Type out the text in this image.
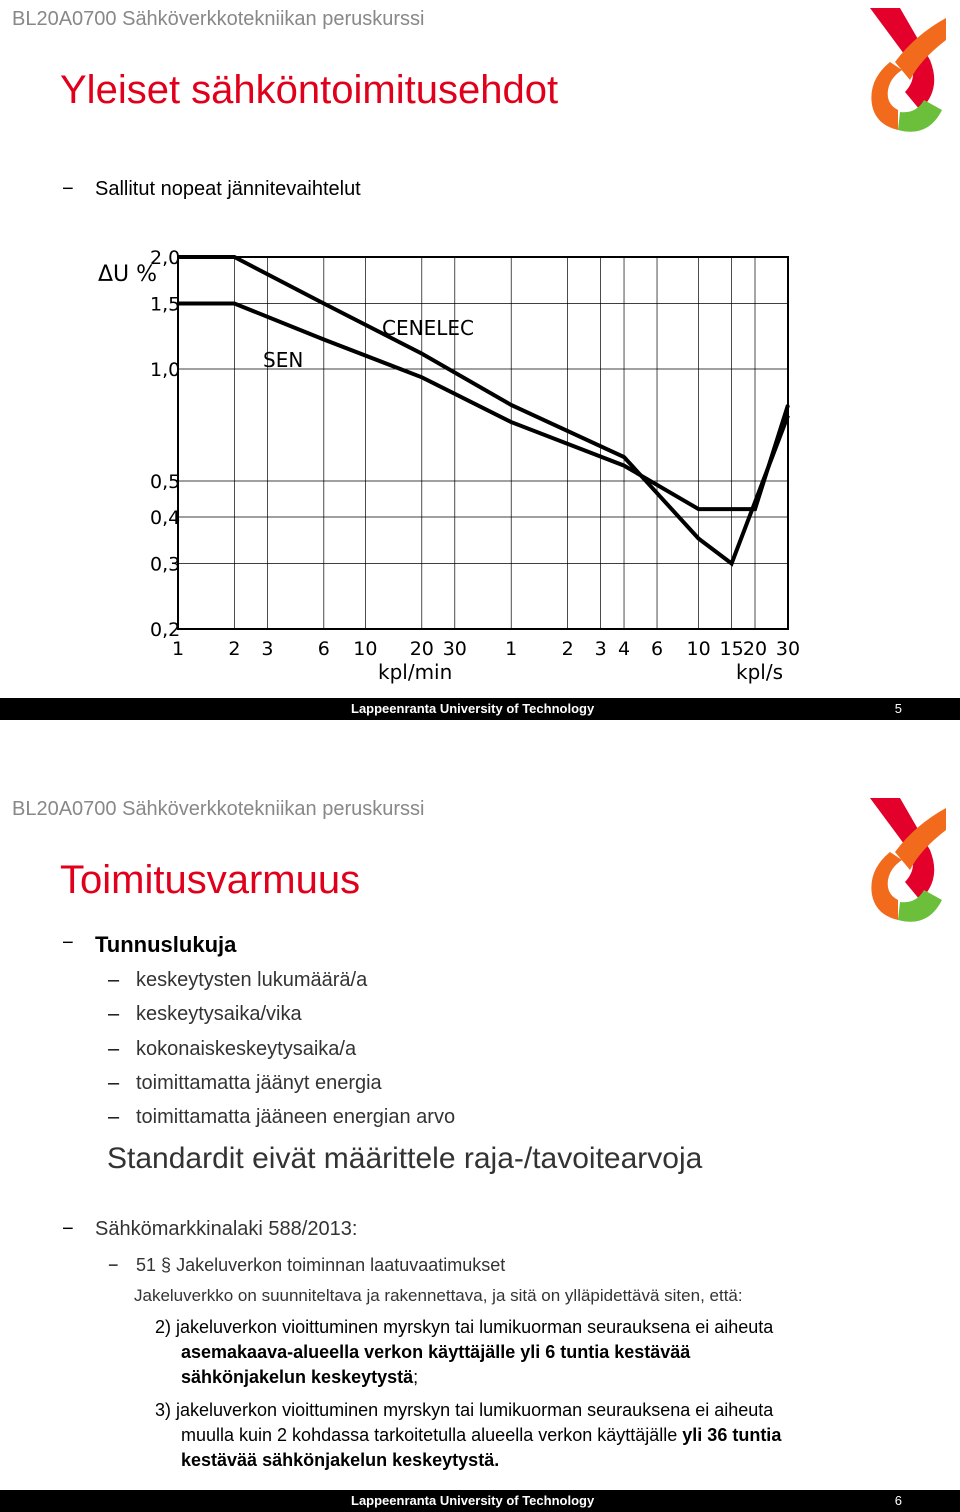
BL20A0700 Sähköverkkotekniikan peruskurssi
Yleiset sähköntoimitusehdot
− Sallitut nopeat jännitevaihtelut
ΔU %
2,0
1,5
1,0
0,5
0,4
0,3
0,2
1 2 3 6 10 20 30 1 2 3 4 6 10 15 20 30
kpl/min	kpl/s
SEN
CENELEC
Lappeenranta University of Technology	5
BL20A0700 Sähköverkkotekniikan peruskurssi
Toimitusvarmuus
− Tunnuslukuja
– keskeytysten lukumäärä/a
– keskeytysaika/vika
– kokonaiskeskeytysaika/a
– toimittamatta jäänyt energia
– toimittamatta jääneen energian arvo
Standardit eivät määrittele raja-/tavoitearvoja
− Sähkömarkkinalaki 588/2013:
− 51 § Jakeluverkon toiminnan laatuvaatimukset
Jakeluverkko on suunniteltava ja rakennettava, ja sitä on ylläpidettävä siten, että:
2) jakeluverkon vioittuminen myrskyn tai lumikuorman seurauksena ei aiheuta
asemakaava-alueella verkon käyttäjälle yli 6 tuntia kestävää
sähkönjakelun keskeytystä;
3) jakeluverkon vioittuminen myrskyn tai lumikuorman seurauksena ei aiheuta
muulla kuin 2 kohdassa tarkoitetulla alueella verkon käyttäjälle yli 36 tuntia
kestävää sähkönjakelun keskeytystä.
Lappeenranta University of Technology	6
